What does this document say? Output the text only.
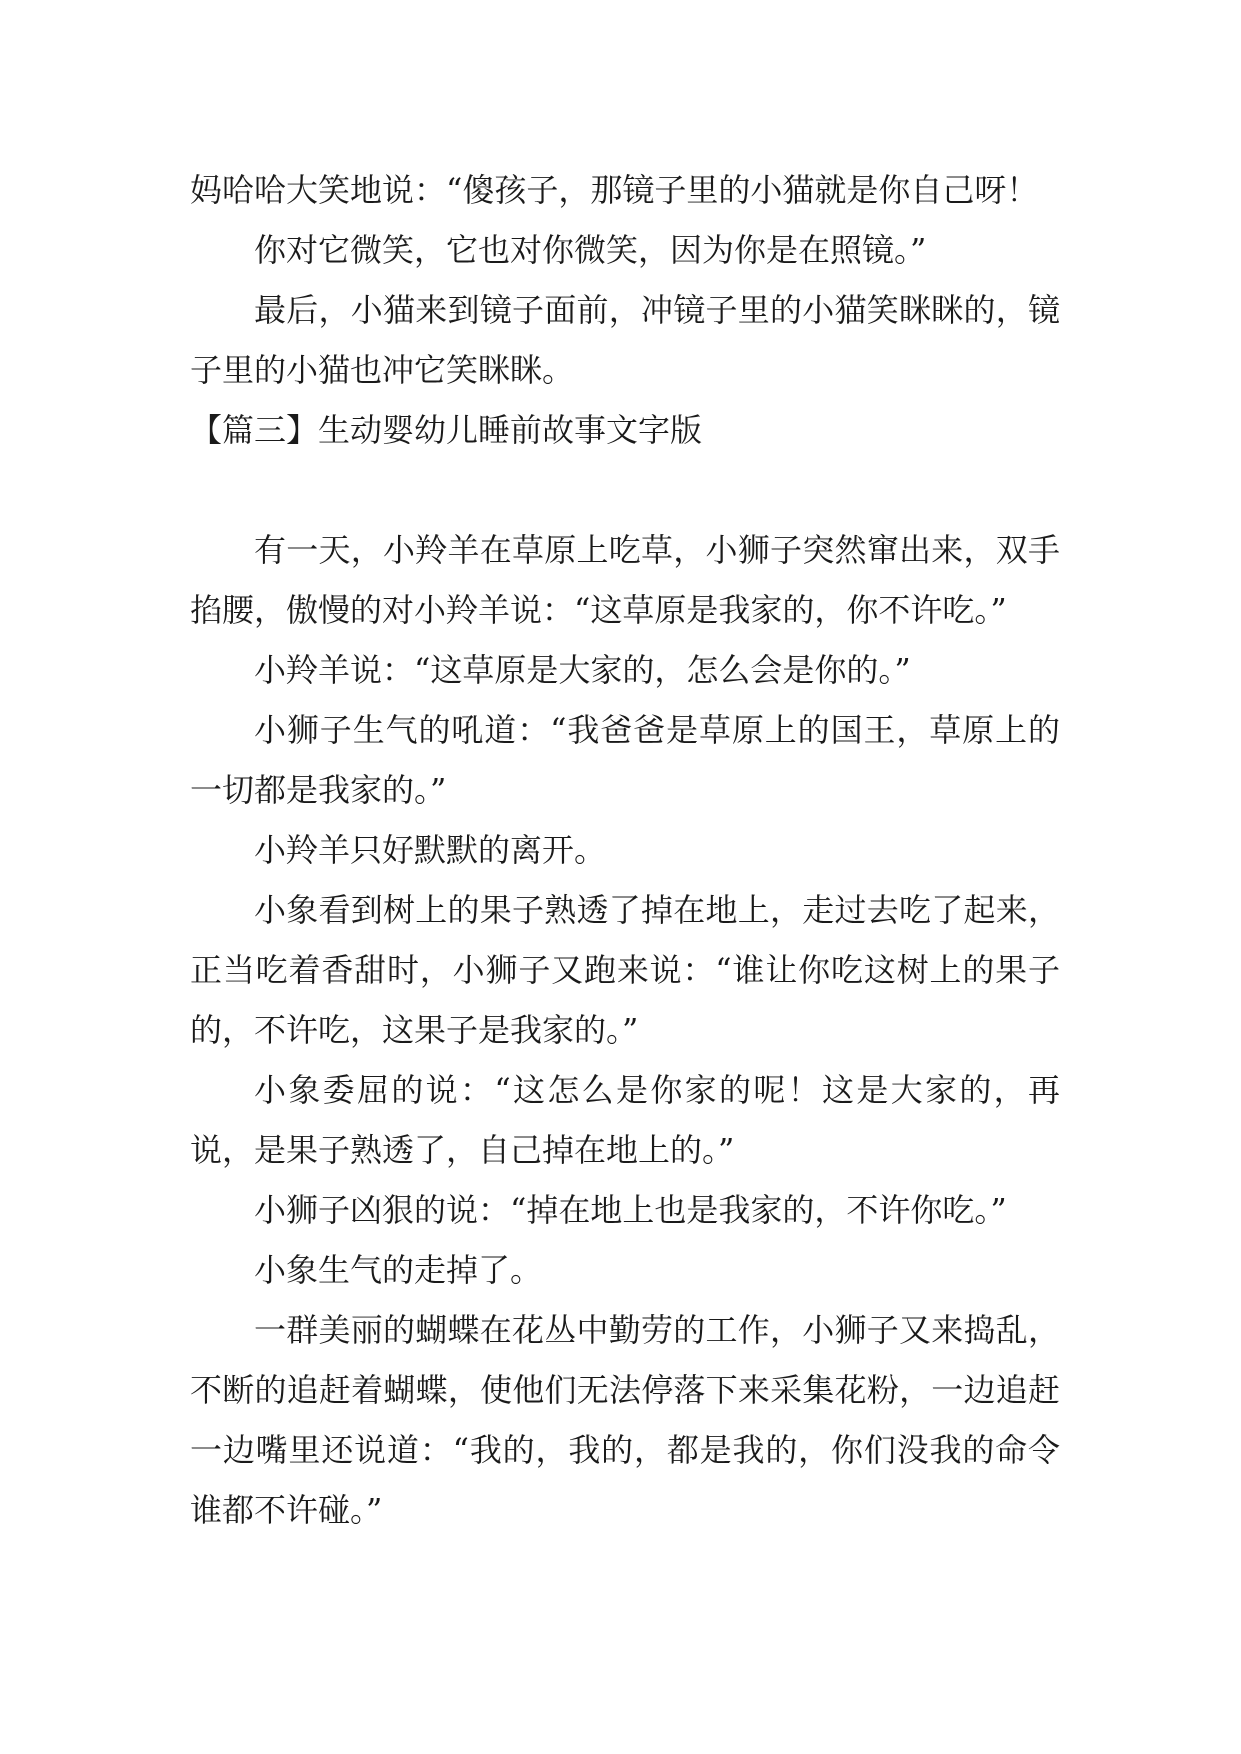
妈哈哈大笑地说：“傻孩子，那镜子里的小猫就是你自己呀！

你对它微笑，它也对你微笑，因为你是在照镜。”

最后，小猫来到镜子面前，冲镜子里的小猫笑眯眯的，镜子里的小猫也冲它笑眯眯。

【篇三】生动婴幼儿睡前故事文字版

有一天，小羚羊在草原上吃草，小狮子突然窜出来，双手掐腰，傲慢的对小羚羊说：“这草原是我家的，你不许吃。”

小羚羊说：“这草原是大家的，怎么会是你的。”

小狮子生气的吼道：“我爸爸是草原上的国王，草原上的一切都是我家的。”

小羚羊只好默默的离开。

小象看到树上的果子熟透了掉在地上，走过去吃了起来，正当吃着香甜时，小狮子又跑来说：“谁让你吃这树上的果子的，不许吃，这果子是我家的。”

小象委屈的说：“这怎么是你家的呢！这是大家的，再说，是果子熟透了，自己掉在地上的。”

小狮子凶狠的说：“掉在地上也是我家的，不许你吃。”

小象生气的走掉了。

一群美丽的蝴蝶在花丛中勤劳的工作，小狮子又来捣乱，不断的追赶着蝴蝶，使他们无法停落下来采集花粉，一边追赶一边嘴里还说道：“我的，我的，都是我的，你们没我的命令谁都不许碰。”
